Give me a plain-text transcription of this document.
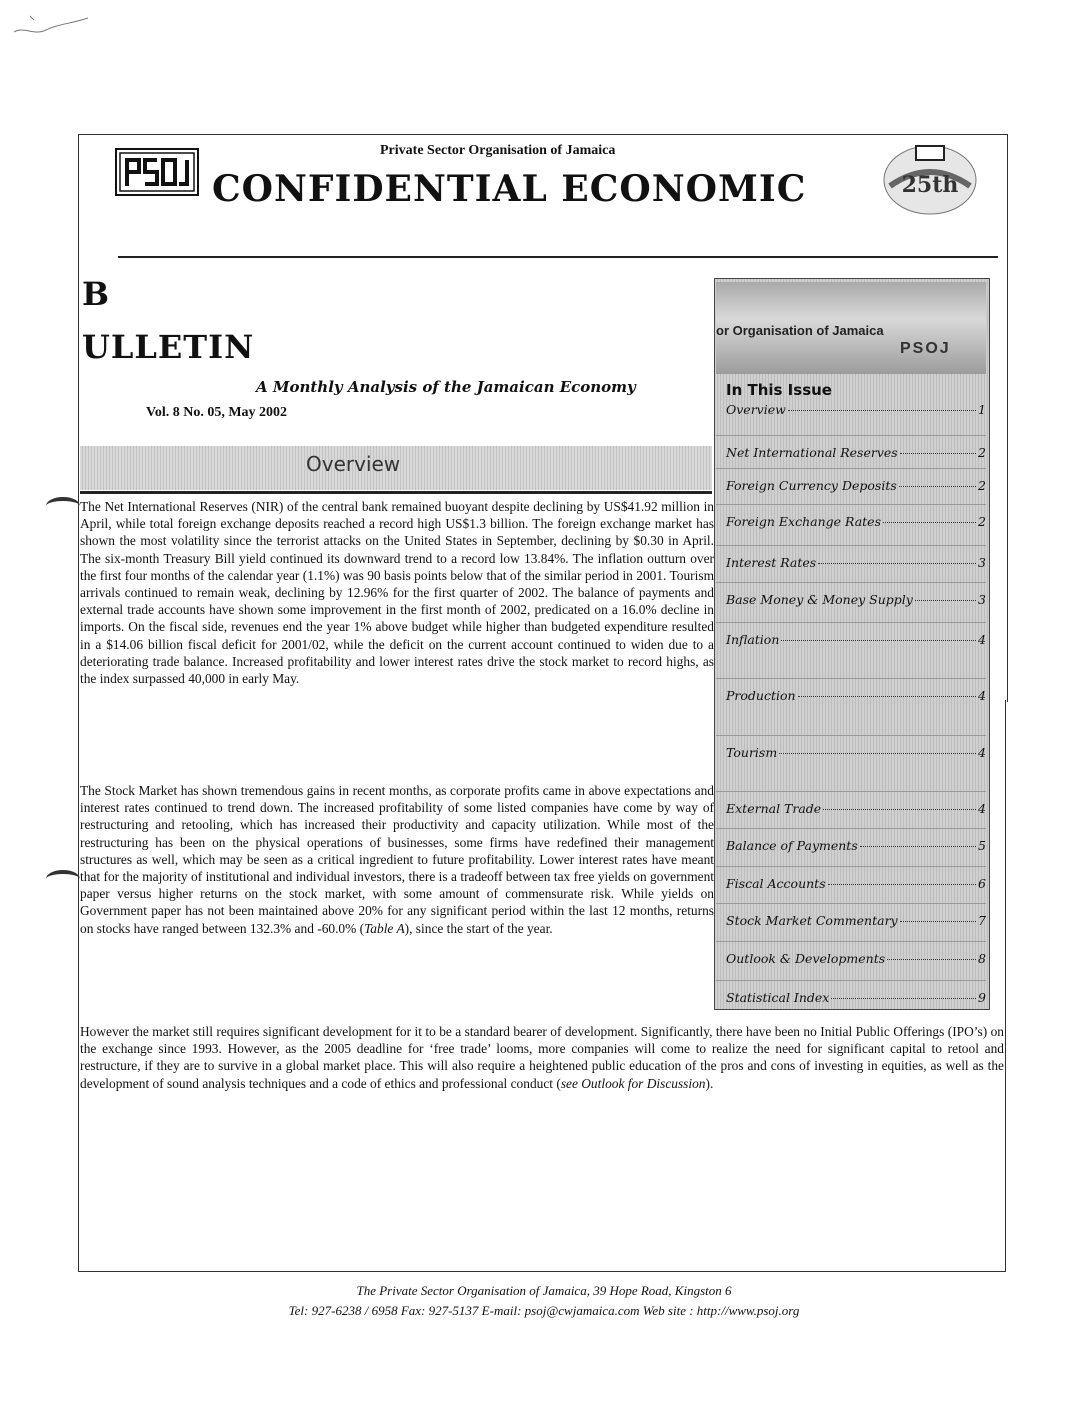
Private Sector Organisation of Jamaica
CONFIDENTIAL ECONOMIC	25th
B
ULLETIN
A Monthly Analysis of the Jamaican Economy
Vol. 8 No. 05, May 2002
Overview

The Net International Reserves (NIR) of the central bank remained buoyant despite declining by US$41.92 million in April, while total foreign exchange deposits reached a record high US$1.3 billion. The foreign exchange market has shown the most volatility since the terrorist attacks on the United States in September, declining by $0.30 in April. The six-month Treasury Bill yield continued its downward trend to a record low 13.84%. The inflation outturn over the first four months of the calendar year (1.1%) was 90 basis points below that of the similar period in 2001. Tourism arrivals continued to remain weak, declining by 12.96% for the first quarter of 2002. The balance of payments and external trade accounts have shown some improvement in the first month of 2002, predicated on a 16.0% decline in imports. On the fiscal side, revenues end the year 1% above budget while higher than budgeted expenditure resulted in a $14.06 billion fiscal deficit for 2001/02, while the deficit on the current account continued to widen due to a deteriorating trade balance. Increased profitability and lower interest rates drive the stock market to record highs, as the index surpassed 40,000 in early May.

The Stock Market has shown tremendous gains in recent months, as corporate profits came in above expectations and interest rates continued to trend down. The increased profitability of some listed companies have come by way of restructuring and retooling, which has increased their productivity and capacity utilization. While most of the restructuring has been on the physical operations of businesses, some firms have redefined their management structures as well, which may be seen as a critical ingredient to future profitability. Lower interest rates have meant that for the majority of institutional and individual investors, there is a tradeoff between tax free yields on government paper versus higher returns on the stock market, with some amount of commensurate risk. While yields on Government paper has not been maintained above 20% for any significant period within the last 12 months, returns on stocks have ranged between 132.3% and -60.0% (Table A), since the start of the year.

However the market still requires significant development for it to be a standard bearer of development. Significantly, there have been no Initial Public Offerings (IPO’s) on the exchange since 1993. However, as the 2005 deadline for ‘free trade’ looms, more companies will come to realize the need for significant capital to retool and restructure, if they are to survive in a global market place. This will also require a heightened public education of the pros and cons of investing in equities, as well as the development of sound analysis techniques and a code of ethics and professional conduct (see Outlook for Discussion).

or Organisation of Jamaica
PSOJ
In This Issue
Overview	1
Net International Reserves	2
Foreign Currency Deposits	2
Foreign Exchange Rates	2
Interest Rates	3
Base Money & Money Supply	3
Inflation	4
Production	4
Tourism	4
External Trade	4
Balance of Payments	5
Fiscal Accounts	6
Stock Market Commentary	7
Outlook & Developments	8
Statistical Index	9
The Private Sector Organisation of Jamaica, 39 Hope Road, Kingston 6
Tel: 927-6238 / 6958 Fax: 927-5137 E-mail: psoj@cwjamaica.com Web site : http://www.psoj.org
